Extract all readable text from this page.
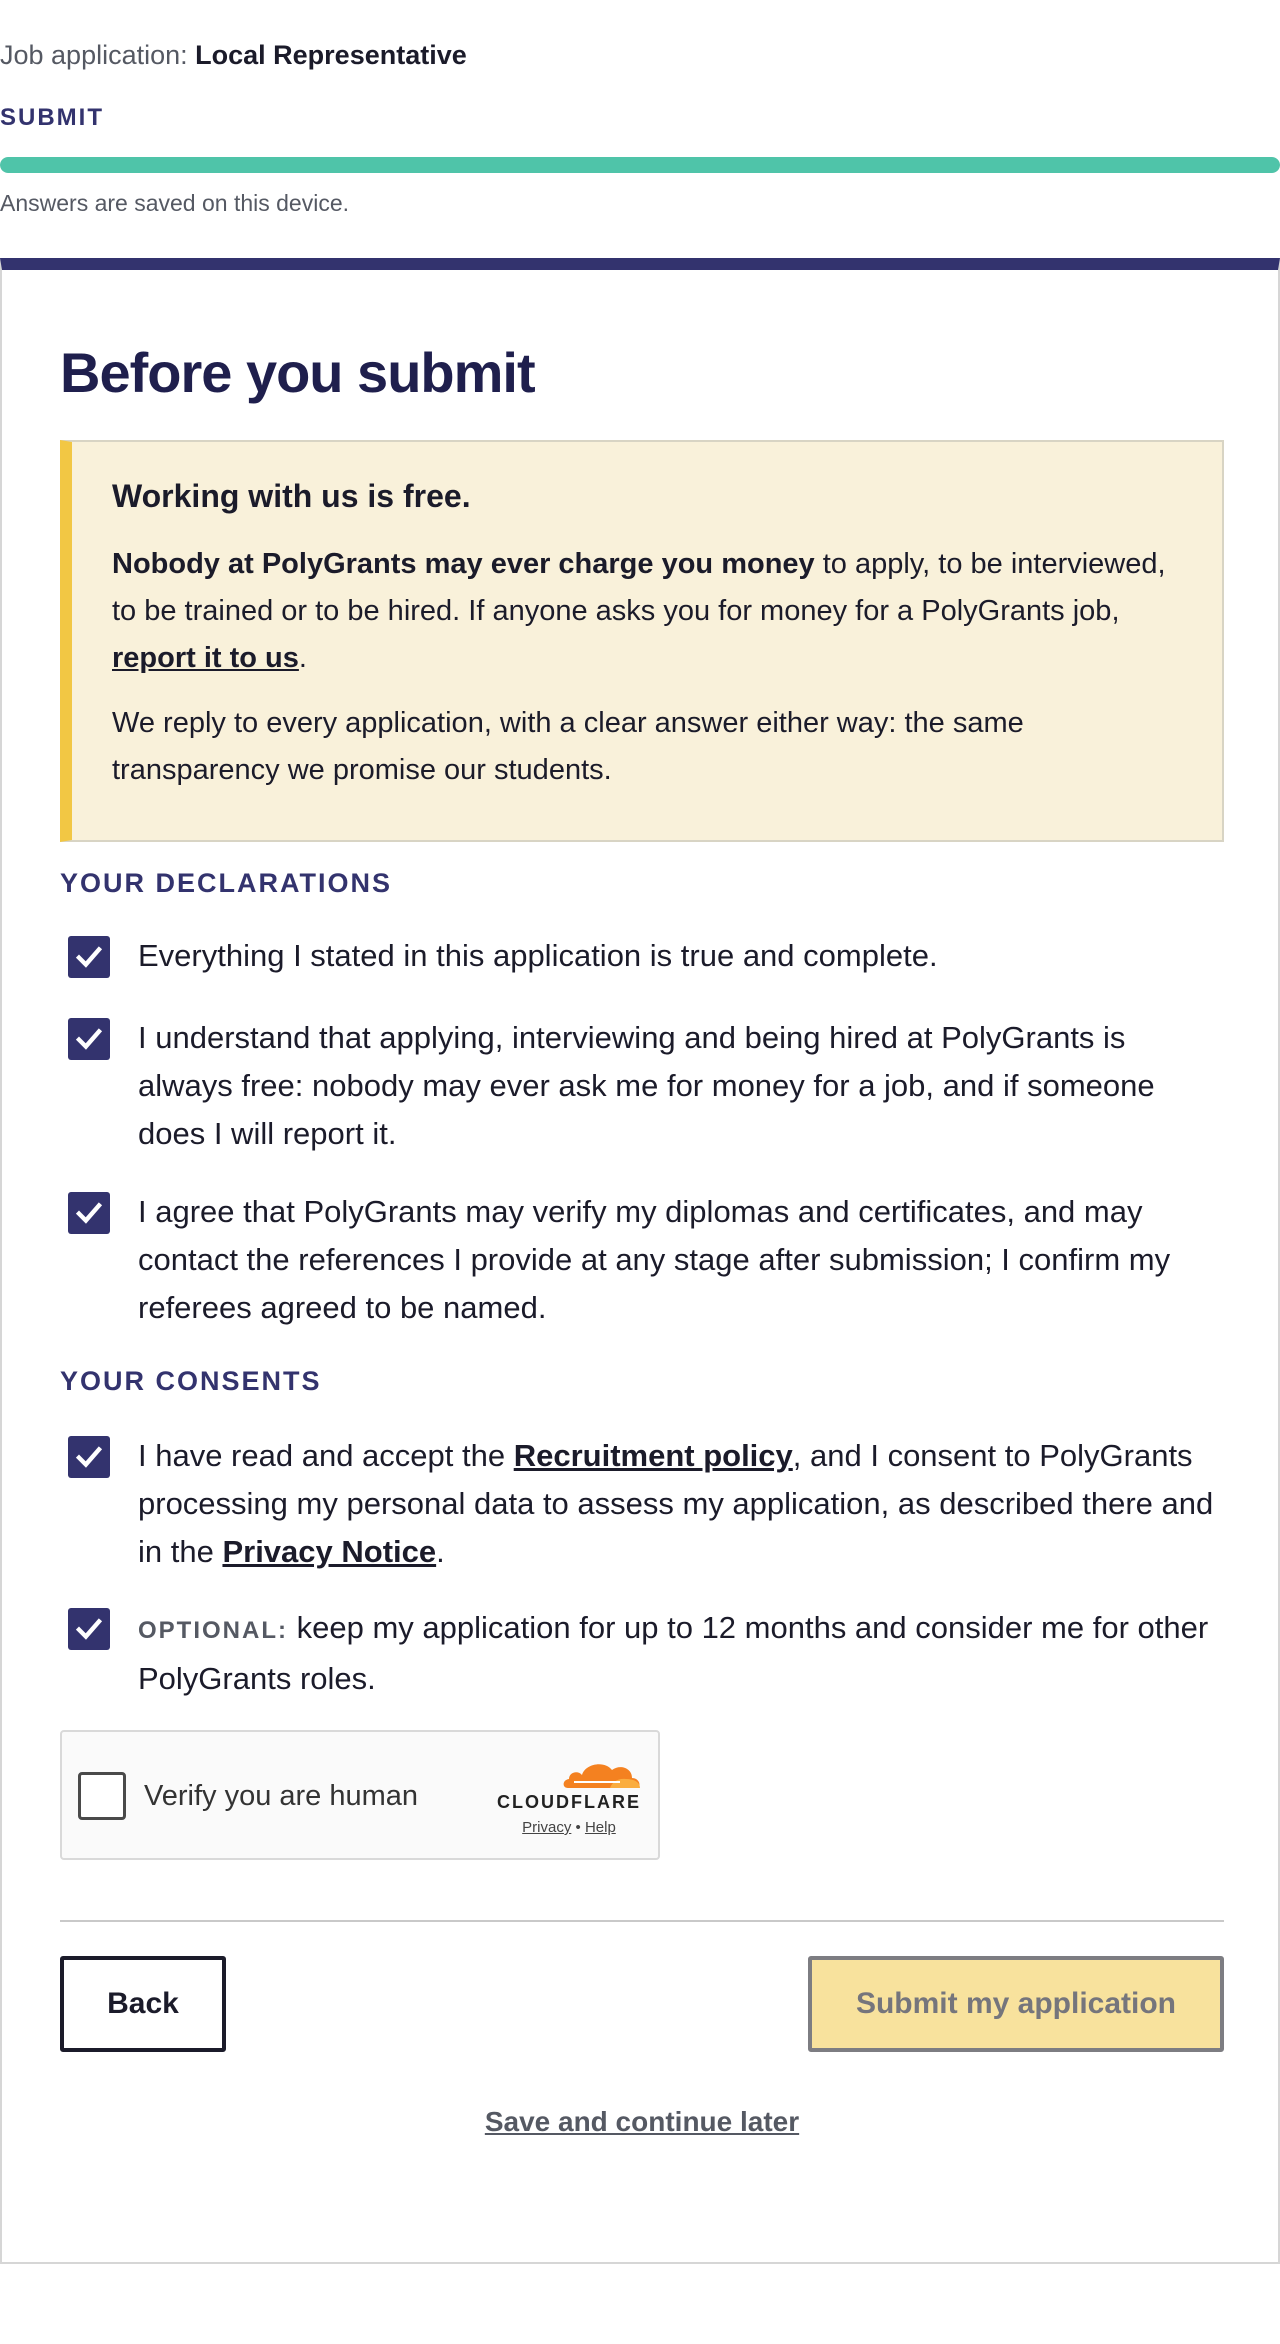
Job application: Local Representative
SUBMIT
Answers are saved on this device.
Before you submit
Working with us is free.

Nobody at PolyGrants may ever charge you money to apply, to be interviewed, to be trained or to be hired. If anyone asks you for money for a PolyGrants job, report it to us.

We reply to every application, with a clear answer either way: the same transparency we promise our students.

YOUR DECLARATIONS
Everything I stated in this application is true and complete.
I understand that applying, interviewing and being hired at PolyGrants is always free: nobody may ever ask me for money for a job, and if someone does I will report it.
I agree that PolyGrants may verify my diplomas and certificates, and may contact the references I provide at any stage after submission; I confirm my referees agreed to be named.
YOUR CONSENTS
I have read and accept the Recruitment policy, and I consent to PolyGrants processing my personal data to assess my application, as described there and in the Privacy Notice.
OPTIONAL: keep my application for up to 12 months and consider me for other PolyGrants roles.
Verify you are human	CLOUDFLARE
Privacy • Help
Back	Submit my application
Save and continue later
